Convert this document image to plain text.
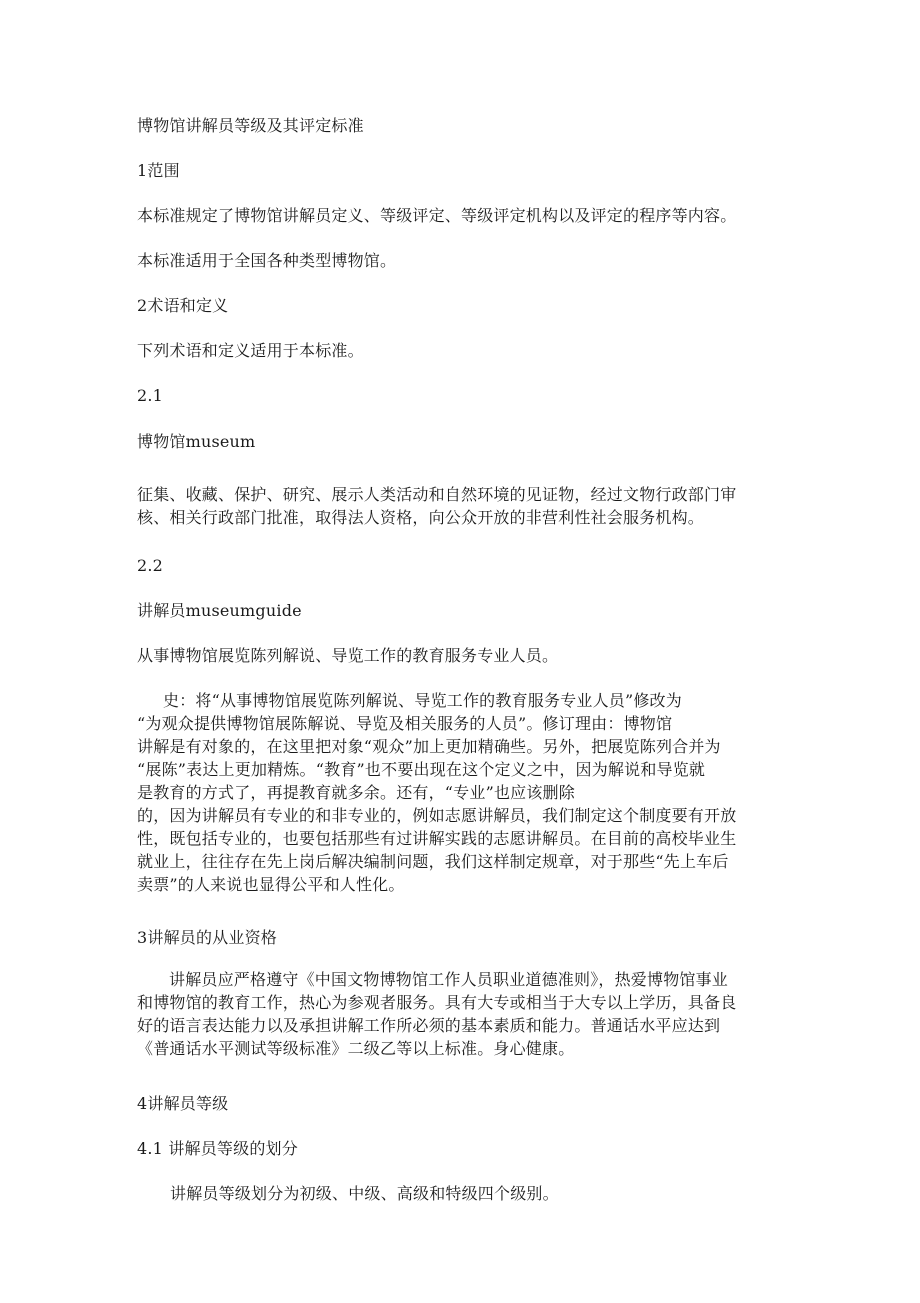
博物馆讲解员等级及其评定标准
1范围
本标准规定了博物馆讲解员定义、等级评定、等级评定机构以及评定的程序等内容。
本标准适用于全国各种类型博物馆。
2术语和定义
下列术语和定义适用于本标准。
2.1
博物馆museum
征集、收藏、保护、研究、展示人类活动和自然环境的见证物，经过文物行政部门审
核、相关行政部门批准，取得法人资格，向公众开放的非营利性社会服务机构。
2.2
讲解员museumguide
从事博物馆展览陈列解说、导览工作的教育服务专业人员。
史：将“从事博物馆展览陈列解说、导览工作的教育服务专业人员”修改为
“为观众提供博物馆展陈解说、导览及相关服务的人员”。修订理由：博物馆
讲解是有对象的，在这里把对象“观众”加上更加精确些。另外，把展览陈列合并为
“展陈”表达上更加精炼。“教育”也不要出现在这个定义之中，因为解说和导览就
是教育的方式了，再提教育就多余。还有，“专业”也应该删除
的，因为讲解员有专业的和非专业的，例如志愿讲解员，我们制定这个制度要有开放
性，既包括专业的，也要包括那些有过讲解实践的志愿讲解员。在目前的高校毕业生
就业上，往往存在先上岗后解决编制问题，我们这样制定规章，对于那些“先上车后
卖票”的人来说也显得公平和人性化。
3讲解员的从业资格
讲解员应严格遵守《中国文物博物馆工作人员职业道德准则》，热爱博物馆事业
和博物馆的教育工作，热心为参观者服务。具有大专或相当于大专以上学历，具备良
好的语言表达能力以及承担讲解工作所必须的基本素质和能力。普通话水平应达到
《普通话水平测试等级标准》二级乙等以上标准。身心健康。
4讲解员等级
4.1 讲解员等级的划分
讲解员等级划分为初级、中级、高级和特级四个级别。
